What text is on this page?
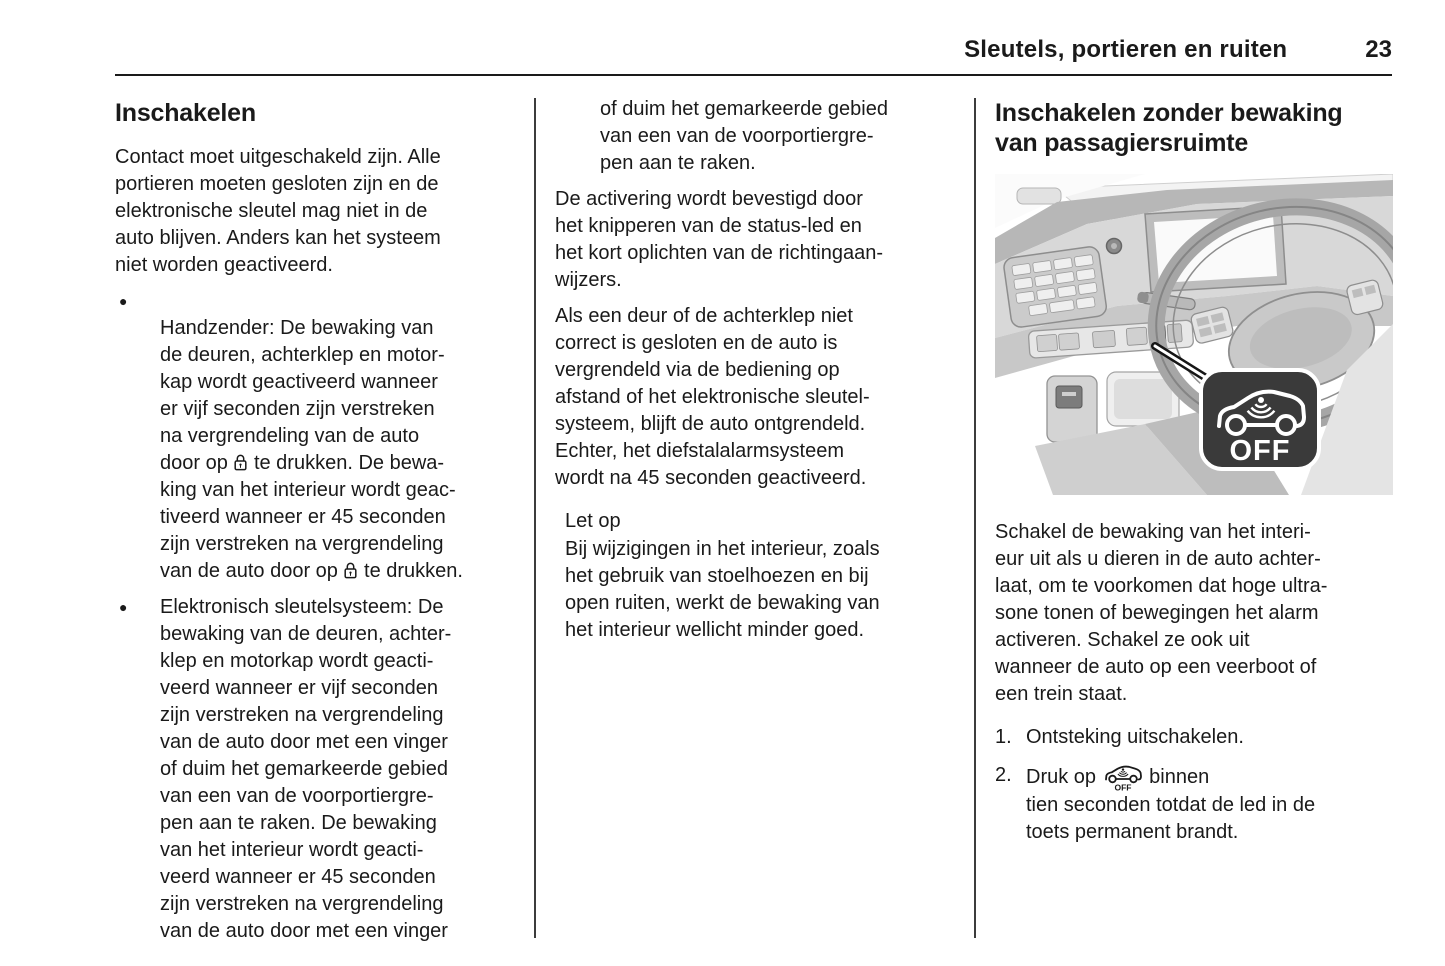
Sleutels, portieren en ruiten	23
Inschakelen

Contact moet uitgeschakeld zijn. Alle
portieren moeten gesloten zijn en de
elektronische sleutel mag niet in de
auto blijven. Anders kan het systeem
niet worden geactiveerd.

●

Handzender: De bewaking van
de deuren, achterklep en motor-
kap wordt geactiveerd wanneer
er vijf seconden zijn verstreken
na vergrendeling van de auto
door op  te drukken. De bewa-
king van het interieur wordt geac-
tiveerd wanneer er 45 seconden
zijn verstreken na vergrendeling
van de auto door op  te drukken.

●	Elektronisch sleutelsysteem: De
bewaking van de deuren, achter-
klep en motorkap wordt geacti-
veerd wanneer er vijf seconden
zijn verstreken na vergrendeling
van de auto door met een vinger
of duim het gemarkeerde gebied
van een van de voorportiergre-
pen aan te raken. De bewaking
van het interieur wordt geacti-
veerd wanneer er 45 seconden
zijn verstreken na vergrendeling
van de auto door met een vinger
of duim het gemarkeerde gebied
van een van de voorportiergre-
pen aan te raken.

De activering wordt bevestigd door
het knipperen van de status-led en
het kort oplichten van de richtingaan-
wijzers.

Als een deur of de achterklep niet
correct is gesloten en de auto is
vergrendeld via de bediening op
afstand of het elektronische sleutel-
systeem, blijft de auto ontgrendeld.
Echter, het diefstalalarmsysteem
wordt na 45 seconden geactiveerd.

Let op
Bij wijzigingen in het interieur, zoals
het gebruik van stoelhoezen en bij
open ruiten, werkt de bewaking van
het interieur wellicht minder goed.
Inschakelen zonder bewaking
van passagiersruimte
OFF

Schakel de bewaking van het interi-
eur uit als u dieren in de auto achter-
laat, om te voorkomen dat hoge ultra-
sone tonen of bewegingen het alarm
activeren. Schakel ze ook uit
wanneer de auto op een veerboot of
een trein staat.

1. Ontsteking uitschakelen.
2. Druk op OFF binnen
tien seconden totdat de led in de
toets permanent brandt.
